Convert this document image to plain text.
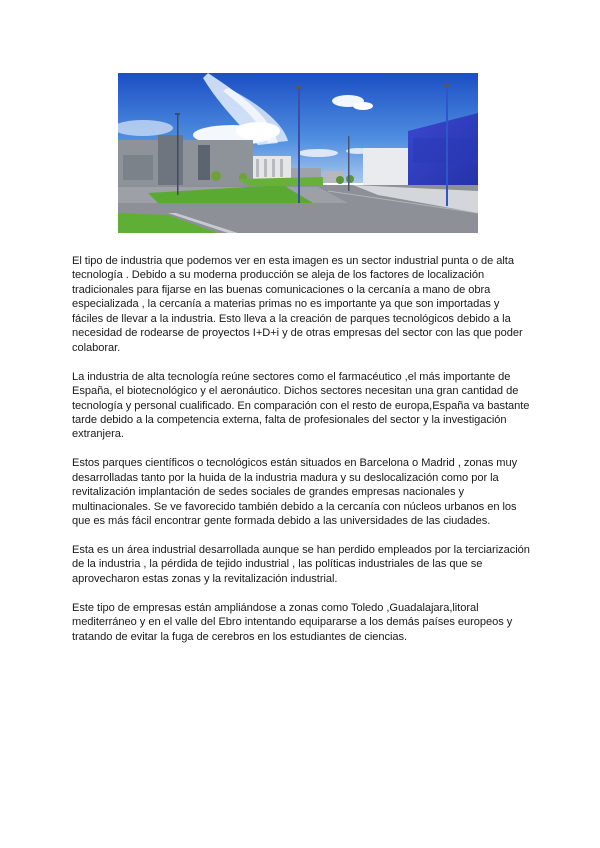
El tipo de industria que podemos ver en esta imagen es un sector industrial punta o de alta tecnología . Debido a su moderna producción se aleja de los factores de localización tradicionales para fijarse en las buenas comunicaciones o la cercanía a mano de obra especializada , la cercanía a materias primas no es importante ya que son importadas y fáciles de llevar a la industria. Esto lleva a la creación de parques tecnológicos debido a la necesidad de rodearse de proyectos I+D+i y de otras empresas del sector con las que poder colaborar.

La industria de alta tecnología reúne sectores como el farmacéutico ,el más importante de España, el biotecnológico y el aeronáutico. Dichos sectores necesitan una gran cantidad de tecnología y personal cualificado. En comparación con el resto de europa,España va bastante tarde debido a la competencia externa, falta de profesionales del sector y la investigación extranjera.

Estos parques científicos o tecnológicos están situados en Barcelona o Madrid , zonas muy desarrolladas tanto por la huida de la industria madura y su deslocalización como por la revitalización implantación de sedes sociales de grandes empresas nacionales y multinacionales. Se ve favorecido también debido a la cercanía con núcleos urbanos en los que es más fácil encontrar gente formada debido a las universidades de las ciudades.

Esta es un área industrial desarrollada aunque se han perdido empleados por la terciarización de la industria , la pérdida de tejido industrial , las políticas industriales de las que se aprovecharon estas zonas y la revitalización industrial.

Este tipo de empresas están ampliándose a zonas como Toledo ,Guadalajara,litoral mediterráneo y en el valle del Ebro intentando equipararse a los demás países europeos y tratando de evitar la fuga de cerebros en los estudiantes de ciencias.
